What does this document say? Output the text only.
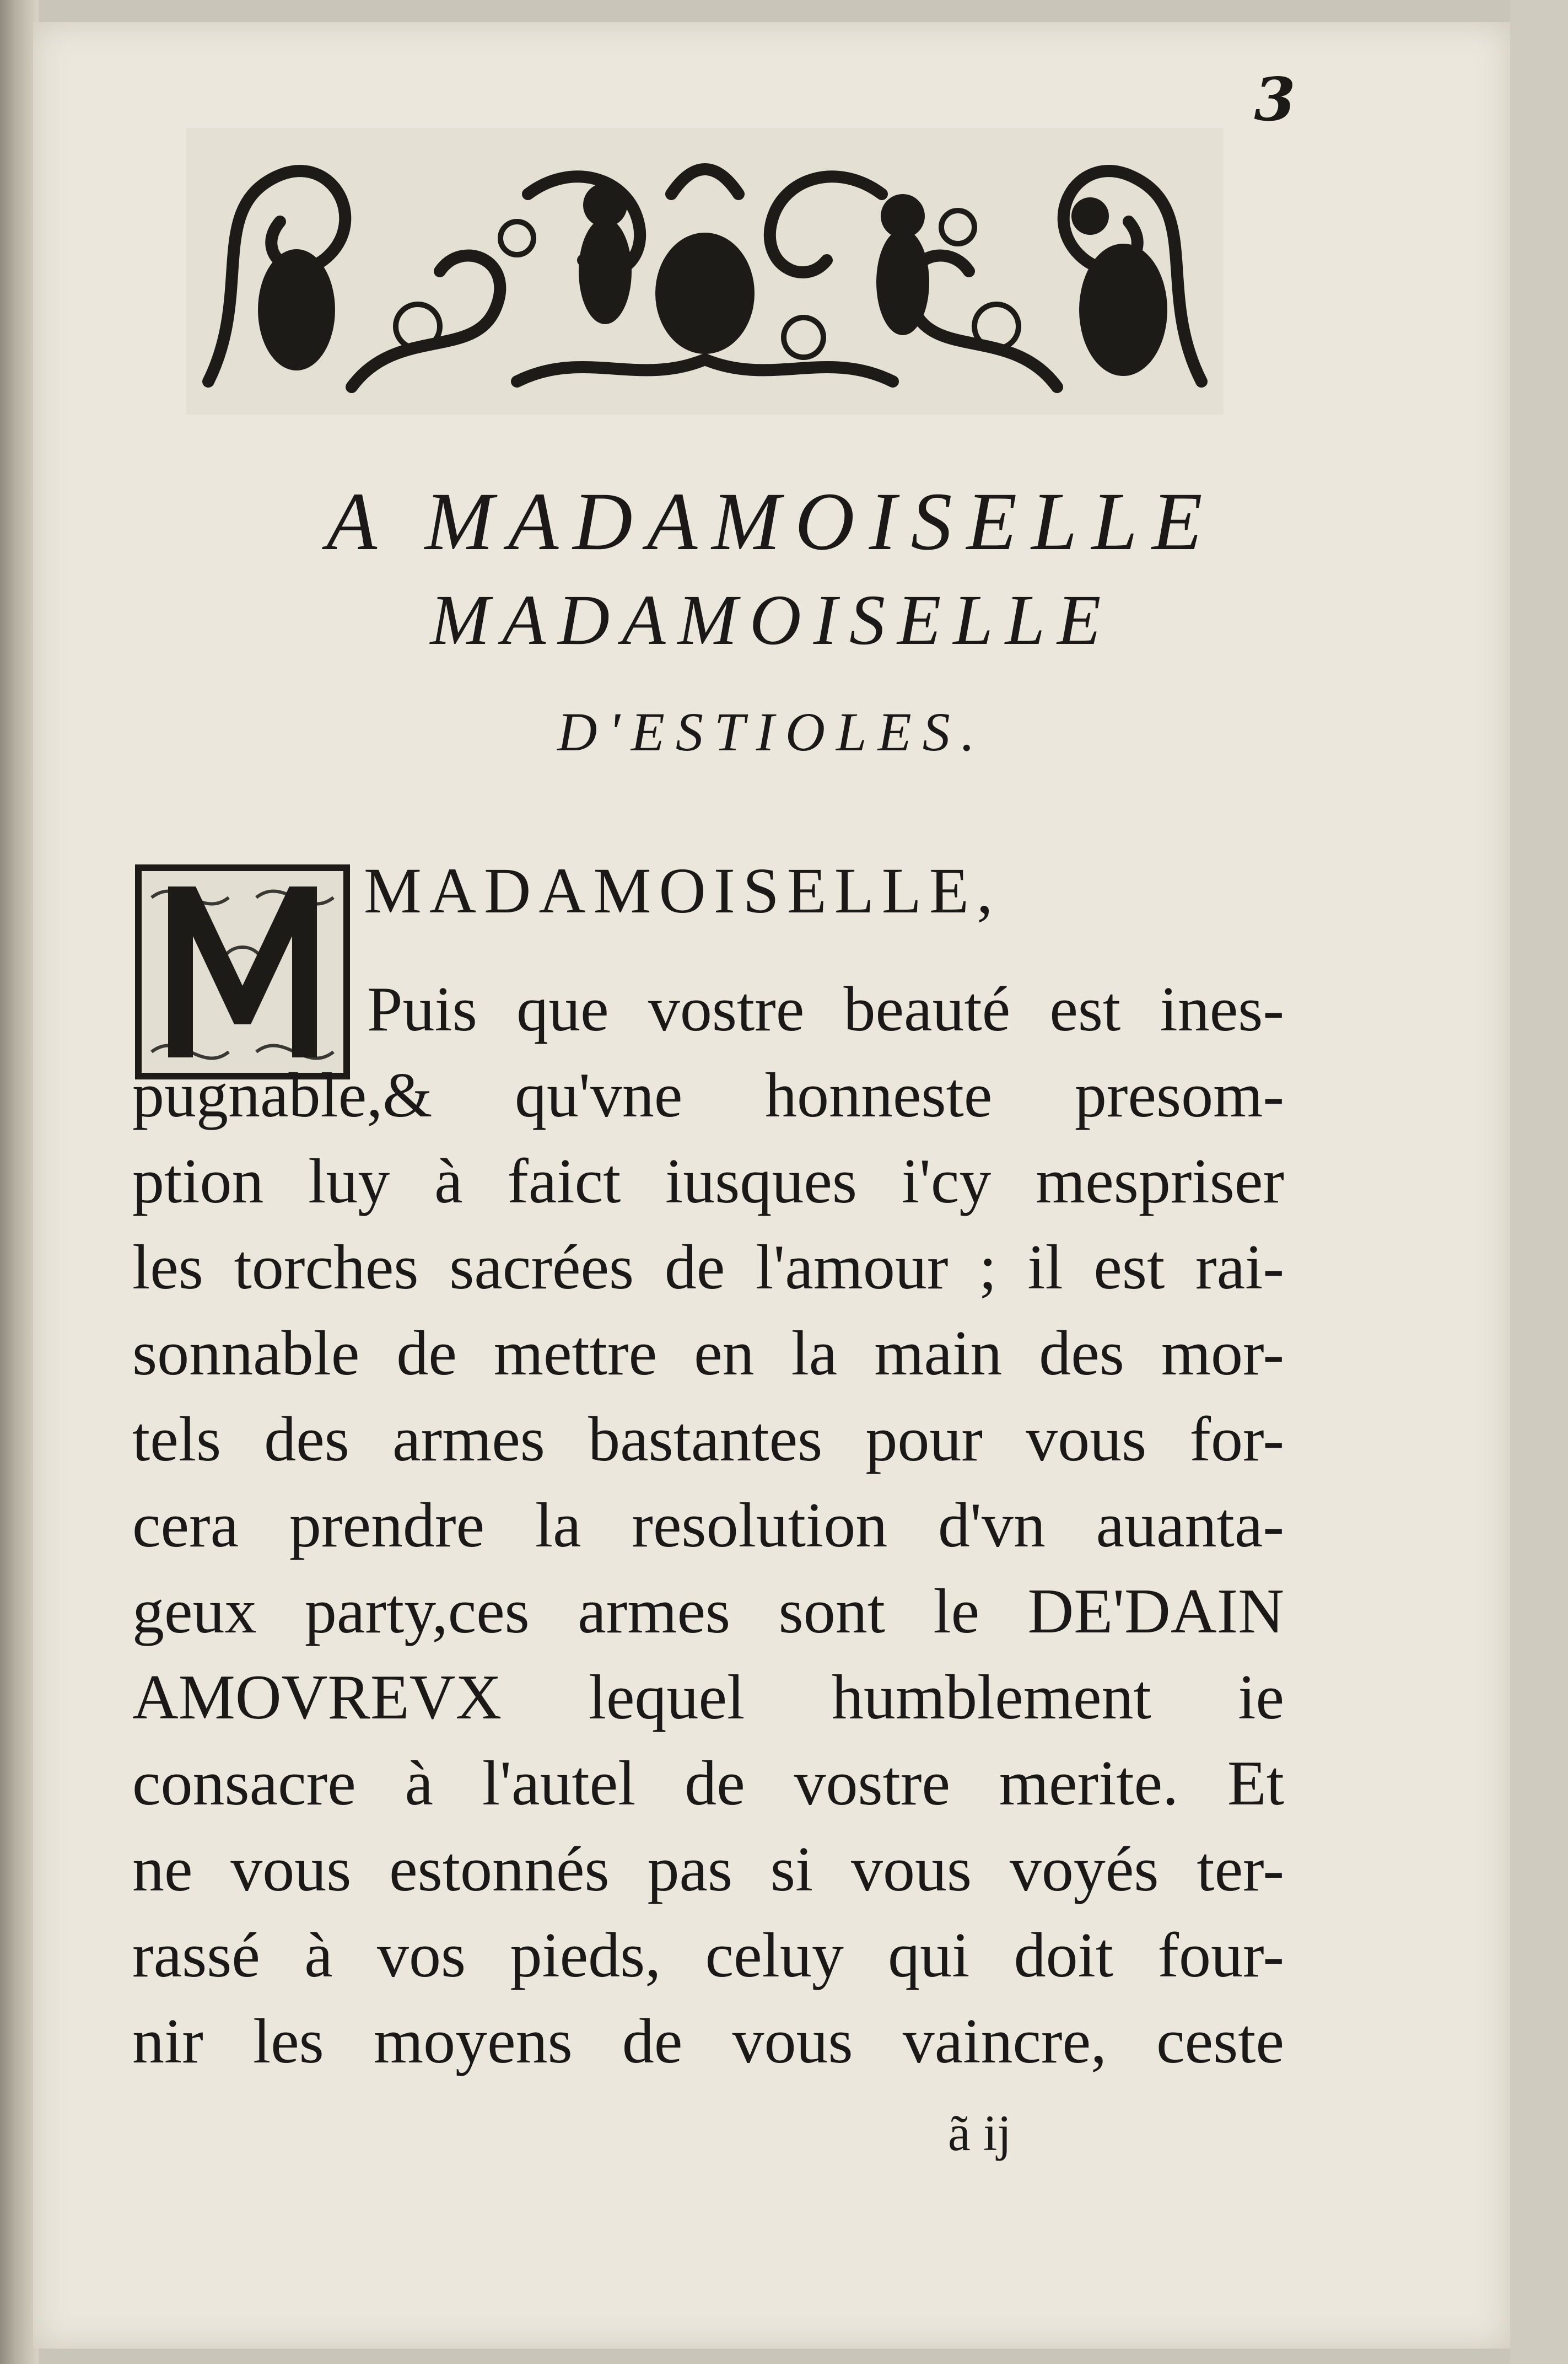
3
A MADAMOISELLE
MADAMOISELLE
D'ESTIOLES.
MADAMOISELLE,
Puis que vostre beauté est ines-
pugnable,& qu'vne honneste presom-
ption luy à faict iusques i'cy mespriser
les torches sacrées de l'amour ; il est rai-
sonnable de mettre en la main des mor-
tels des armes bastantes pour vous for-
cera prendre la resolution d'vn auanta-
geux party,ces armes sont le DE'DAIN
AMOVREVX lequel humblement ie
consacre à l'autel de vostre merite. Et
ne vous estonnés pas si vous voyés ter-
rassé à vos pieds, celuy qui doit four-
nir les moyens de vous vaincre, ceste
ã ij
